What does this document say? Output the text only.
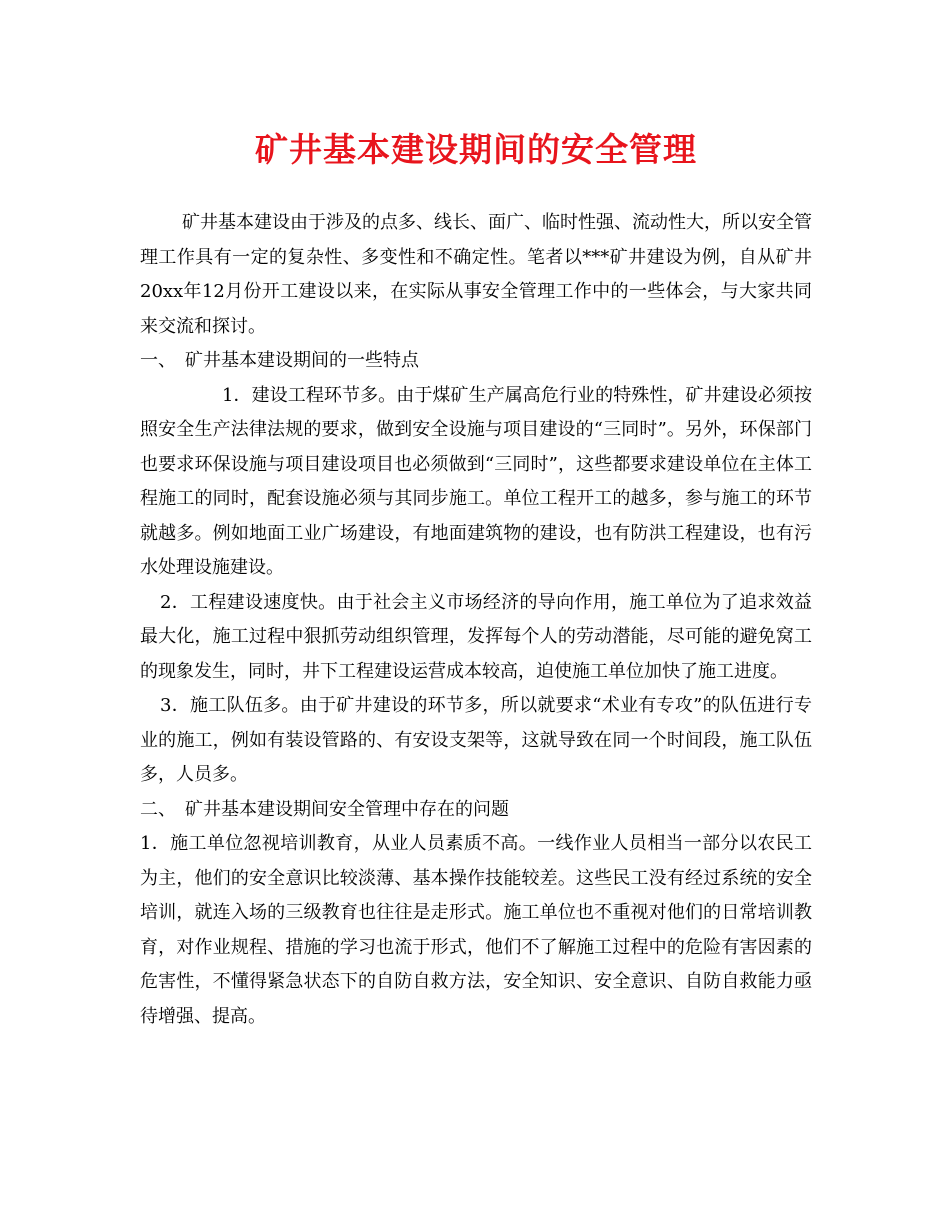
矿井基本建设期间的安全管理

矿井基本建设由于涉及的点多、线长、面广、临时性强、流动性大，所以安全管理工作具有一定的复杂性、多变性和不确定性。笔者以***矿井建设为例，自从矿井20xx年12月份开工建设以来，在实际从事安全管理工作中的一些体会，与大家共同来交流和探讨。

一、　矿井基本建设期间的一些特点

1．建设工程环节多。由于煤矿生产属高危行业的特殊性，矿井建设必须按照安全生产法律法规的要求，做到安全设施与项目建设的“三同时”。另外，环保部门也要求环保设施与项目建设项目也必须做到“三同时”，这些都要求建设单位在主体工程施工的同时，配套设施必须与其同步施工。单位工程开工的越多，参与施工的环节就越多。例如地面工业广场建设，有地面建筑物的建设，也有防洪工程建设，也有污水处理设施建设。

2．工程建设速度快。由于社会主义市场经济的导向作用，施工单位为了追求效益最大化，施工过程中狠抓劳动组织管理，发挥每个人的劳动潜能，尽可能的避免窝工的现象发生，同时，井下工程建设运营成本较高，迫使施工单位加快了施工进度。

3．施工队伍多。由于矿井建设的环节多，所以就要求“术业有专攻”的队伍进行专业的施工，例如有装设管路的、有安设支架等，这就导致在同一个时间段，施工队伍多，人员多。

二、　矿井基本建设期间安全管理中存在的问题

1．施工单位忽视培训教育，从业人员素质不高。一线作业人员相当一部分以农民工为主，他们的安全意识比较淡薄、基本操作技能较差。这些民工没有经过系统的安全培训，就连入场的三级教育也往往是走形式。施工单位也不重视对他们的日常培训教育，对作业规程、措施的学习也流于形式，他们不了解施工过程中的危险有害因素的危害性，不懂得紧急状态下的自防自救方法，安全知识、安全意识、自防自救能力亟待增强、提高。
